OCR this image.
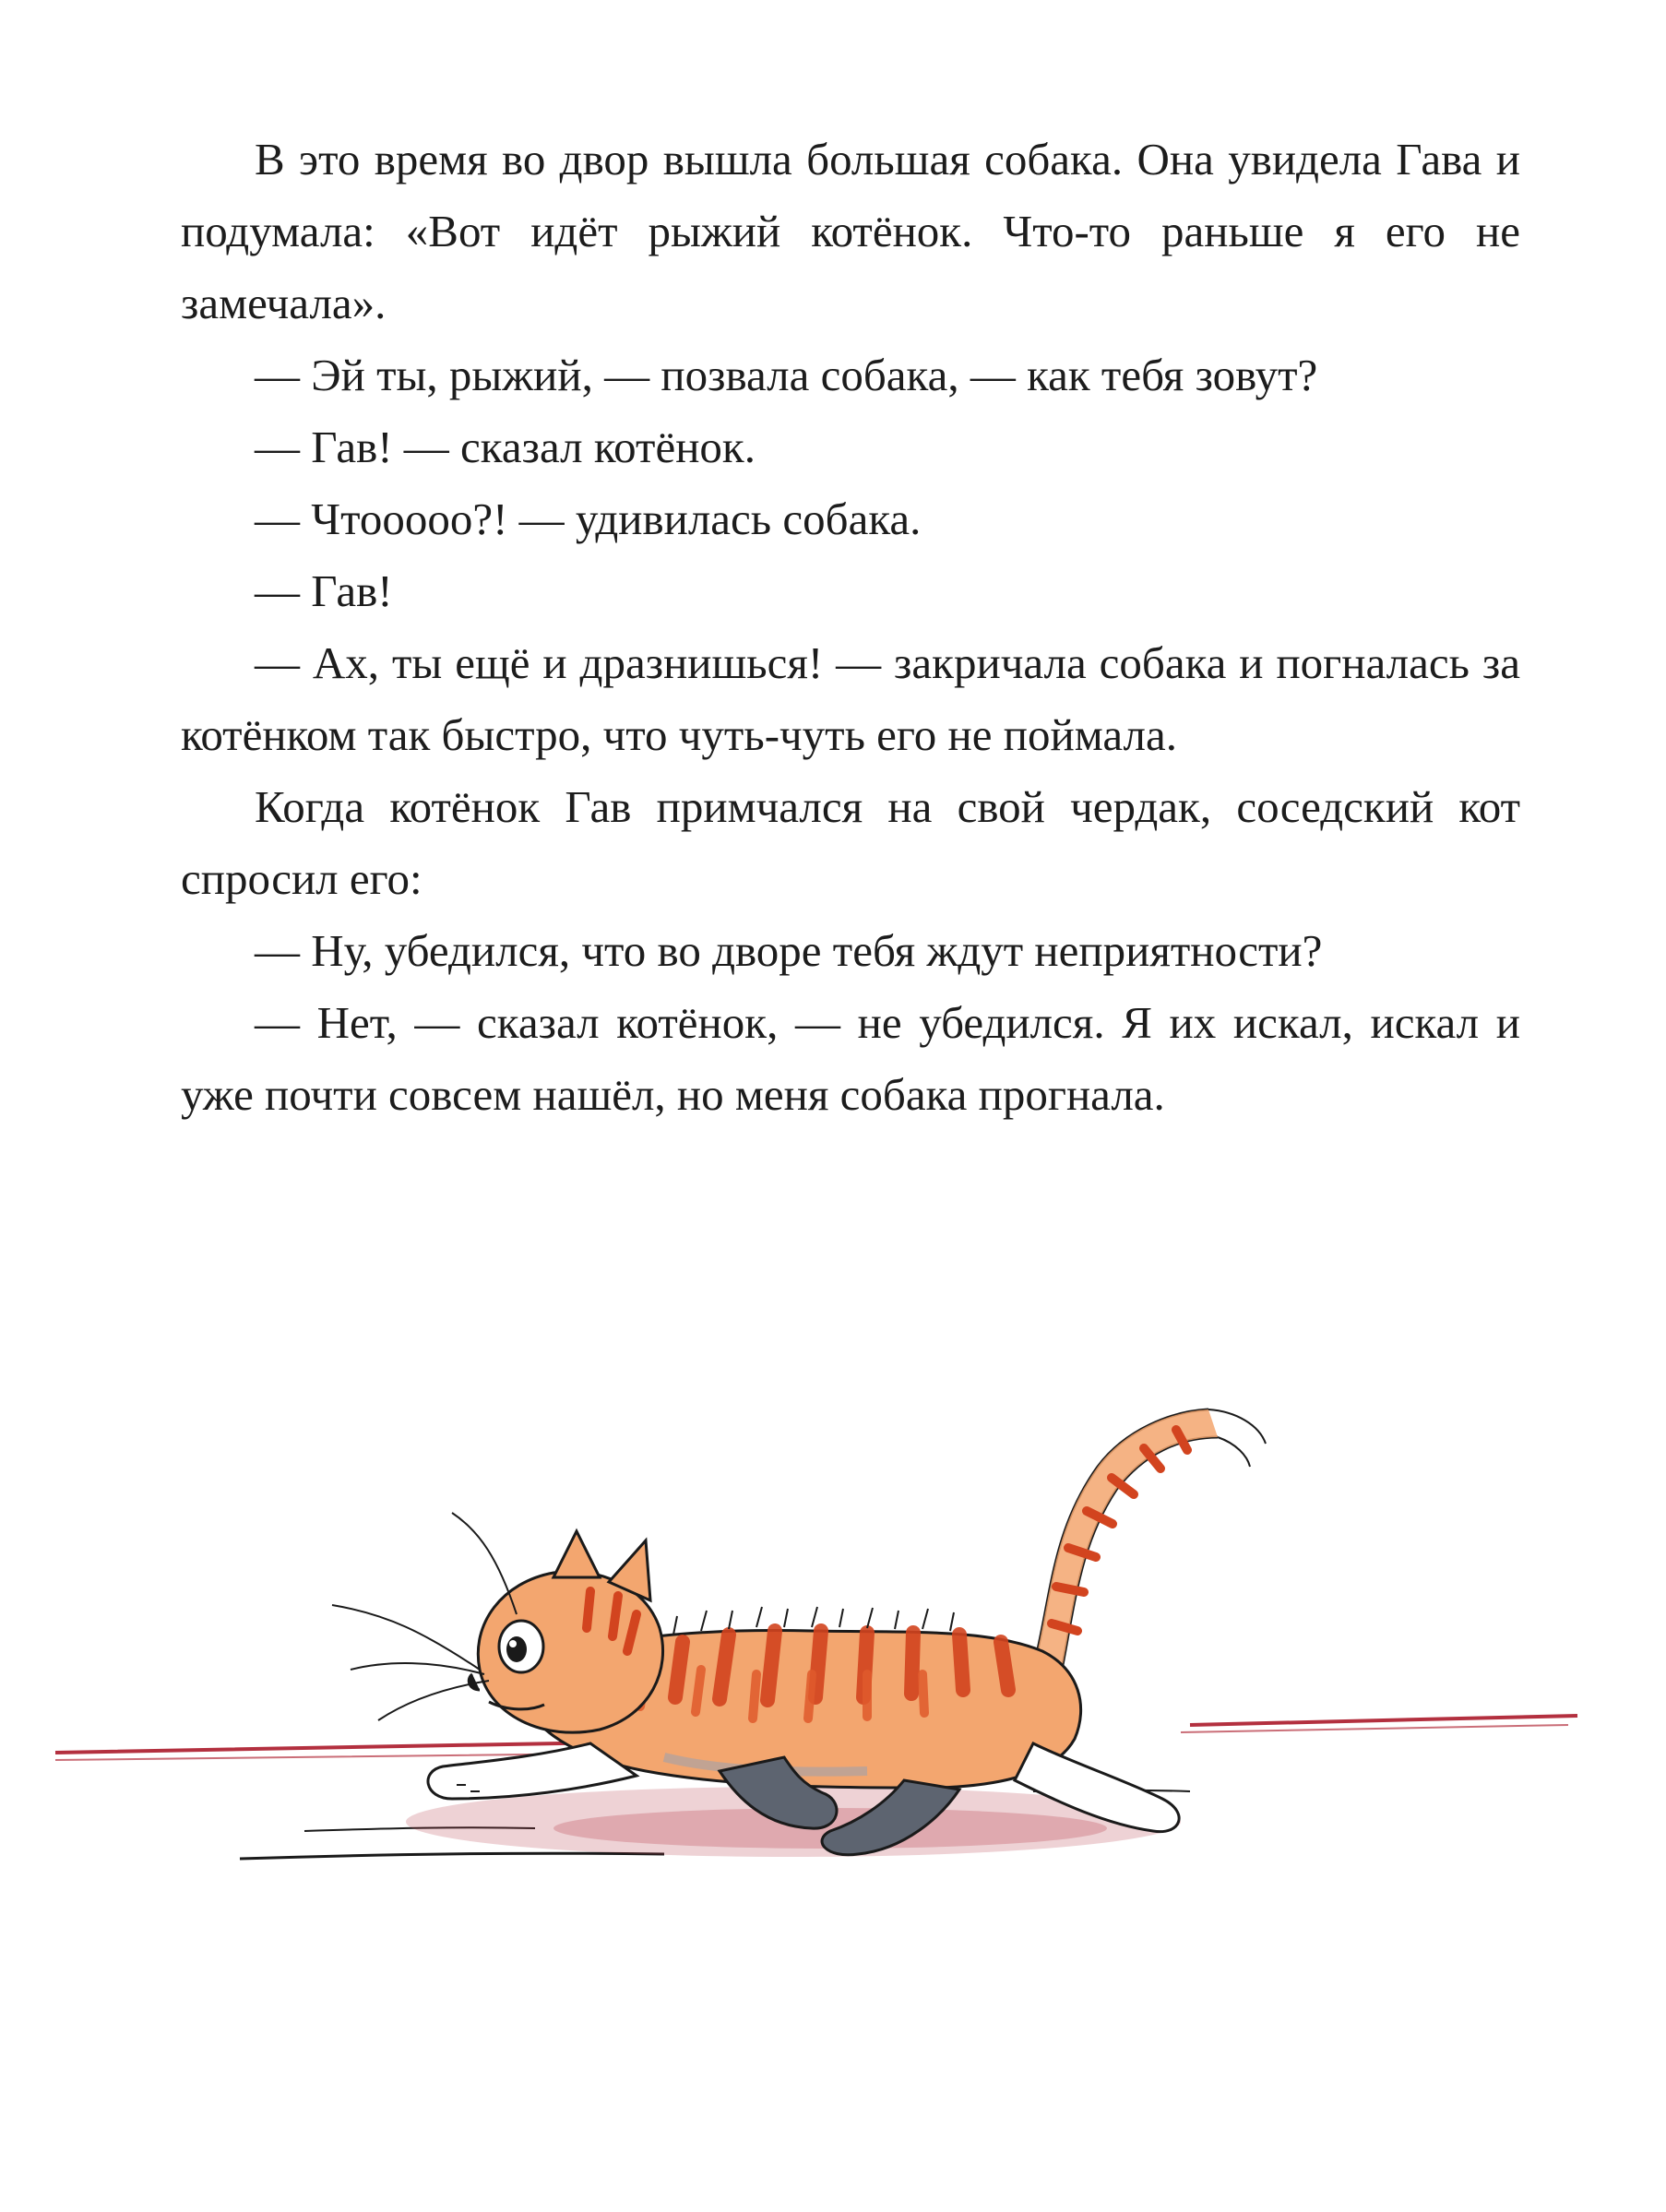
В это время во двор вышла большая собака. Она увидела Гава и подумала: «Вот идёт рыжий котёнок. Что-то раньше я его не замечала».

— Эй ты, рыжий, — позвала собака, — как тебя зовут?

— Гав! — сказал котёнок.

— Чтооооо?! — удивилась собака.

— Гав!

— Ах, ты ещё и дразнишься! — закричала собака и погналась за котёнком так быстро, что чуть-чуть его не поймала.

Когда котёнок Гав примчался на свой чердак, соседский кот спросил его:

— Ну, убедился, что во дворе тебя ждут неприятности?

— Нет, — сказал котёнок, — не убедился. Я их искал, искал и уже почти совсем нашёл, но меня собака прогнала.
